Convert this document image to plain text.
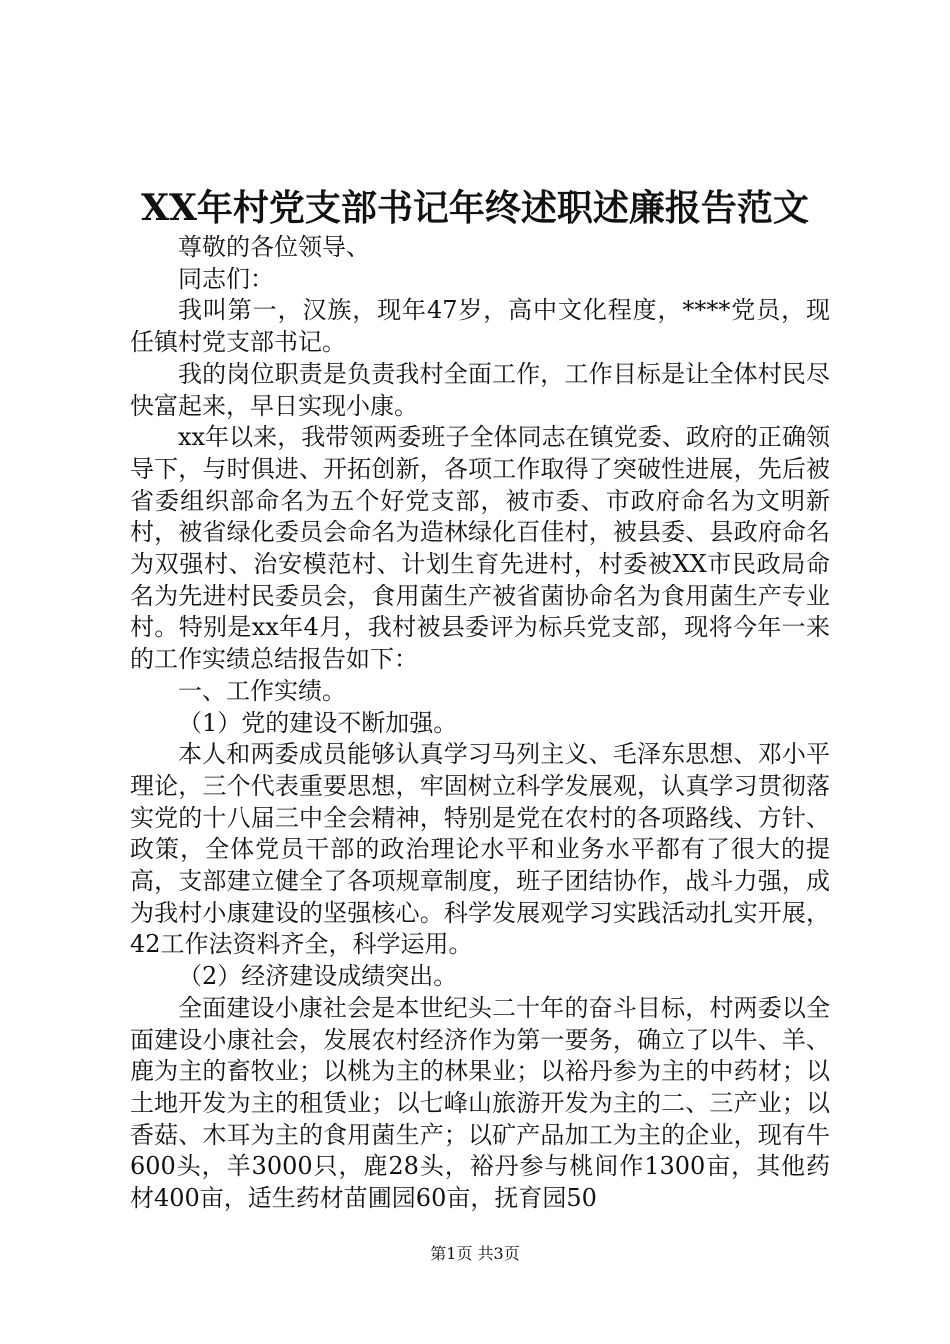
XX年村党支部书记年终述职述廉报告范文

尊敬的各位领导、

同志们：

我叫第一，汉族，现年47岁，高中文化程度，****党员，现任镇村党支部书记。

我的岗位职责是负责我村全面工作，工作目标是让全体村民尽快富起来，早日实现小康。

xx年以来，我带领两委班子全体同志在镇党委、政府的正确领导下，与时俱进、开拓创新，各项工作取得了突破性进展，先后被省委组织部命名为五个好党支部，被市委、市政府命名为文明新村，被省绿化委员会命名为造林绿化百佳村，被县委、县政府命名为双强村、治安模范村、计划生育先进村，村委被XX市民政局命名为先进村民委员会，食用菌生产被省菌协命名为食用菌生产专业村。特别是xx年4月，我村被县委评为标兵党支部，现将今年一来的工作实绩总结报告如下：

一、工作实绩。

（1）党的建设不断加强。

本人和两委成员能够认真学习马列主义、毛泽东思想、邓小平理论，三个代表重要思想，牢固树立科学发展观，认真学习贯彻落实党的十八届三中全会精神，特别是党在农村的各项路线、方针、政策，全体党员干部的政治理论水平和业务水平都有了很大的提高，支部建立健全了各项规章制度，班子团结协作，战斗力强，成为我村小康建设的坚强核心。科学发展观学习实践活动扎实开展，42工作法资料齐全，科学运用。

（2）经济建设成绩突出。

全面建设小康社会是本世纪头二十年的奋斗目标，村两委以全面建设小康社会，发展农村经济作为第一要务，确立了以牛、羊、鹿为主的畜牧业；以桃为主的林果业；以裕丹参为主的中药材；以土地开发为主的租赁业；以七峰山旅游开发为主的二、三产业；以香菇、木耳为主的食用菌生产；以矿产品加工为主的企业，现有牛600头，羊3000只，鹿28头，裕丹参与桃间作1300亩，其他药材400亩，适生药材苗圃园60亩，抚育园50

第1页 共3页
